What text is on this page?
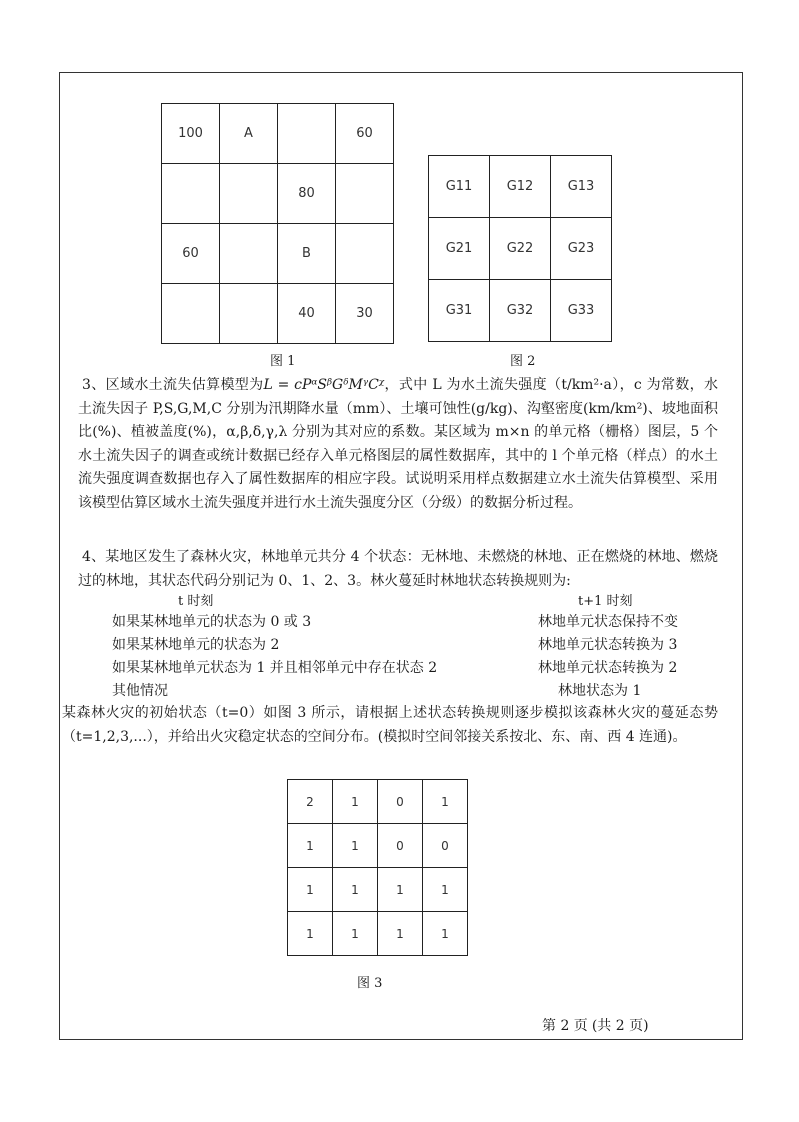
100	A		60
		80	
60		B	
		40	30
图 1
G11	G12	G13
G21	G22	G23
G31	G32	G33
图 2

3、区域水土流失估算模型为L = cPᵅSᵝGᵟMᵞCᵡ，式中 L 为水土流失强度（t/km²·a），c 为常数，水土流失因子 P,S,G,M,C 分别为汛期降水量（mm）、土壤可蚀性(g/kg)、沟壑密度(km/km²)、坡地面积比(%)、植被盖度(%)，α,β,δ,γ,λ 分别为其对应的系数。某区域为 m×n 的单元格（栅格）图层，5 个水土流失因子的调查或统计数据已经存入单元格图层的属性数据库，其中的 l 个单元格（样点）的水土流失强度调查数据也存入了属性数据库的相应字段。试说明采用样点数据建立水土流失估算模型、采用该模型估算区域水土流失强度并进行水土流失强度分区（分级）的数据分析过程。

4、某地区发生了森林火灾，林地单元共分 4 个状态：无林地、未燃烧的林地、正在燃烧的林地、燃烧过的林地，其状态代码分别记为 0、1、2、3。林火蔓延时林地状态转换规则为:
t 时刻	t+1 时刻
如果某林地单元的状态为 0 或 3	林地单元状态保持不变
如果某林地单元的状态为 2	林地单元状态转换为 3
如果某林地单元状态为 1 并且相邻单元中存在状态 2	林地单元状态转换为 2
其他情况	林地状态为 1
某森林火灾的初始状态（t=0）如图 3 所示，请根据上述状态转换规则逐步模拟该森林火灾的蔓延态势（t=1,2,3,...），并给出火灾稳定状态的空间分布。(模拟时空间邻接关系按北、东、南、西 4 连通)。
2	1	0	1
1	1	0	0
1	1	1	1
1	1	1	1
图 3
第 2 页 (共 2 页)
